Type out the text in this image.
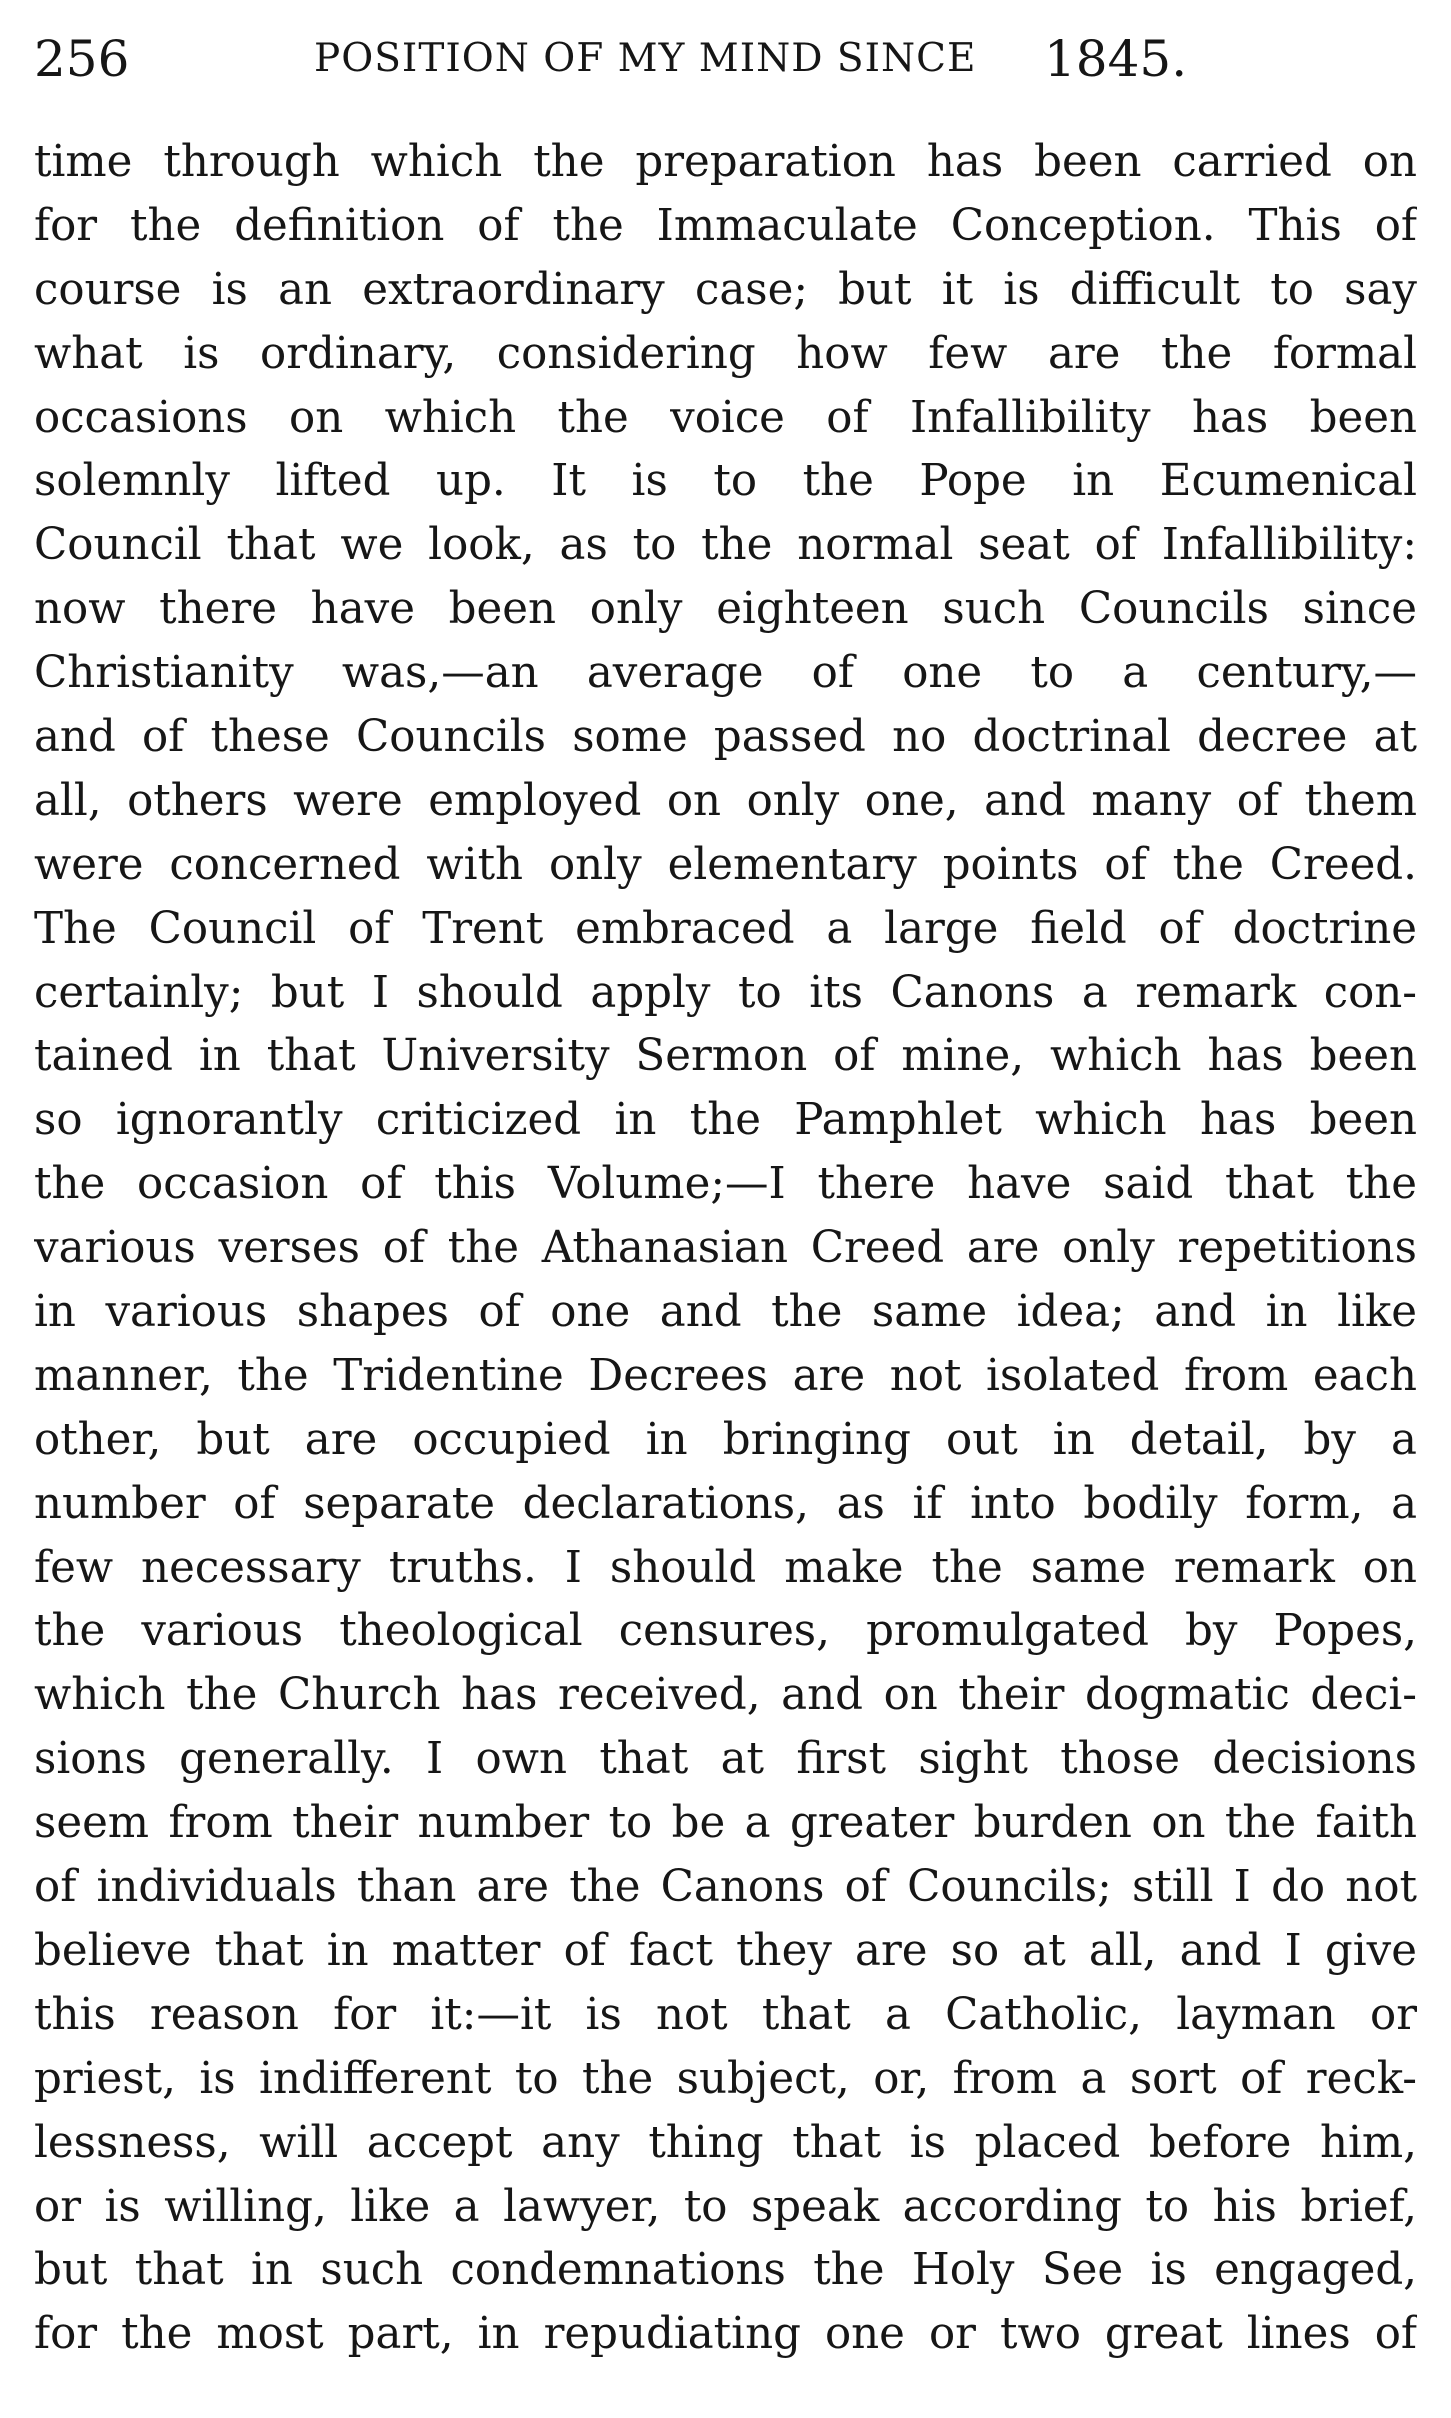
256	POSITION OF MY MIND SINCE 1845.
time through which the preparation has been carried on
for the definition of the Immaculate Conception. This of
course is an extraordinary case; but it is difficult to say
what is ordinary, considering how few are the formal
occasions on which the voice of Infallibility has been
solemnly lifted up. It is to the Pope in Ecumenical
Council that we look, as to the normal seat of Infallibility:
now there have been only eighteen such Councils since
Christianity was,—an average of one to a century,—
and of these Councils some passed no doctrinal decree at
all, others were employed on only one, and many of them
were concerned with only elementary points of the Creed.
The Council of Trent embraced a large field of doctrine
certainly; but I should apply to its Canons a remark con-
tained in that University Sermon of mine, which has been
so ignorantly criticized in the Pamphlet which has been
the occasion of this Volume;—I there have said that the
various verses of the Athanasian Creed are only repetitions
in various shapes of one and the same idea; and in like
manner, the Tridentine Decrees are not isolated from each
other, but are occupied in bringing out in detail, by a
number of separate declarations, as if into bodily form, a
few necessary truths. I should make the same remark on
the various theological censures, promulgated by Popes,
which the Church has received, and on their dogmatic deci-
sions generally. I own that at first sight those decisions
seem from their number to be a greater burden on the faith
of individuals than are the Canons of Councils; still I do not
believe that in matter of fact they are so at all, and I give
this reason for it:—it is not that a Catholic, layman or
priest, is indifferent to the subject, or, from a sort of reck-
lessness, will accept any thing that is placed before him,
or is willing, like a lawyer, to speak according to his brief,
but that in such condemnations the Holy See is engaged,
for the most part, in repudiating one or two great lines of
